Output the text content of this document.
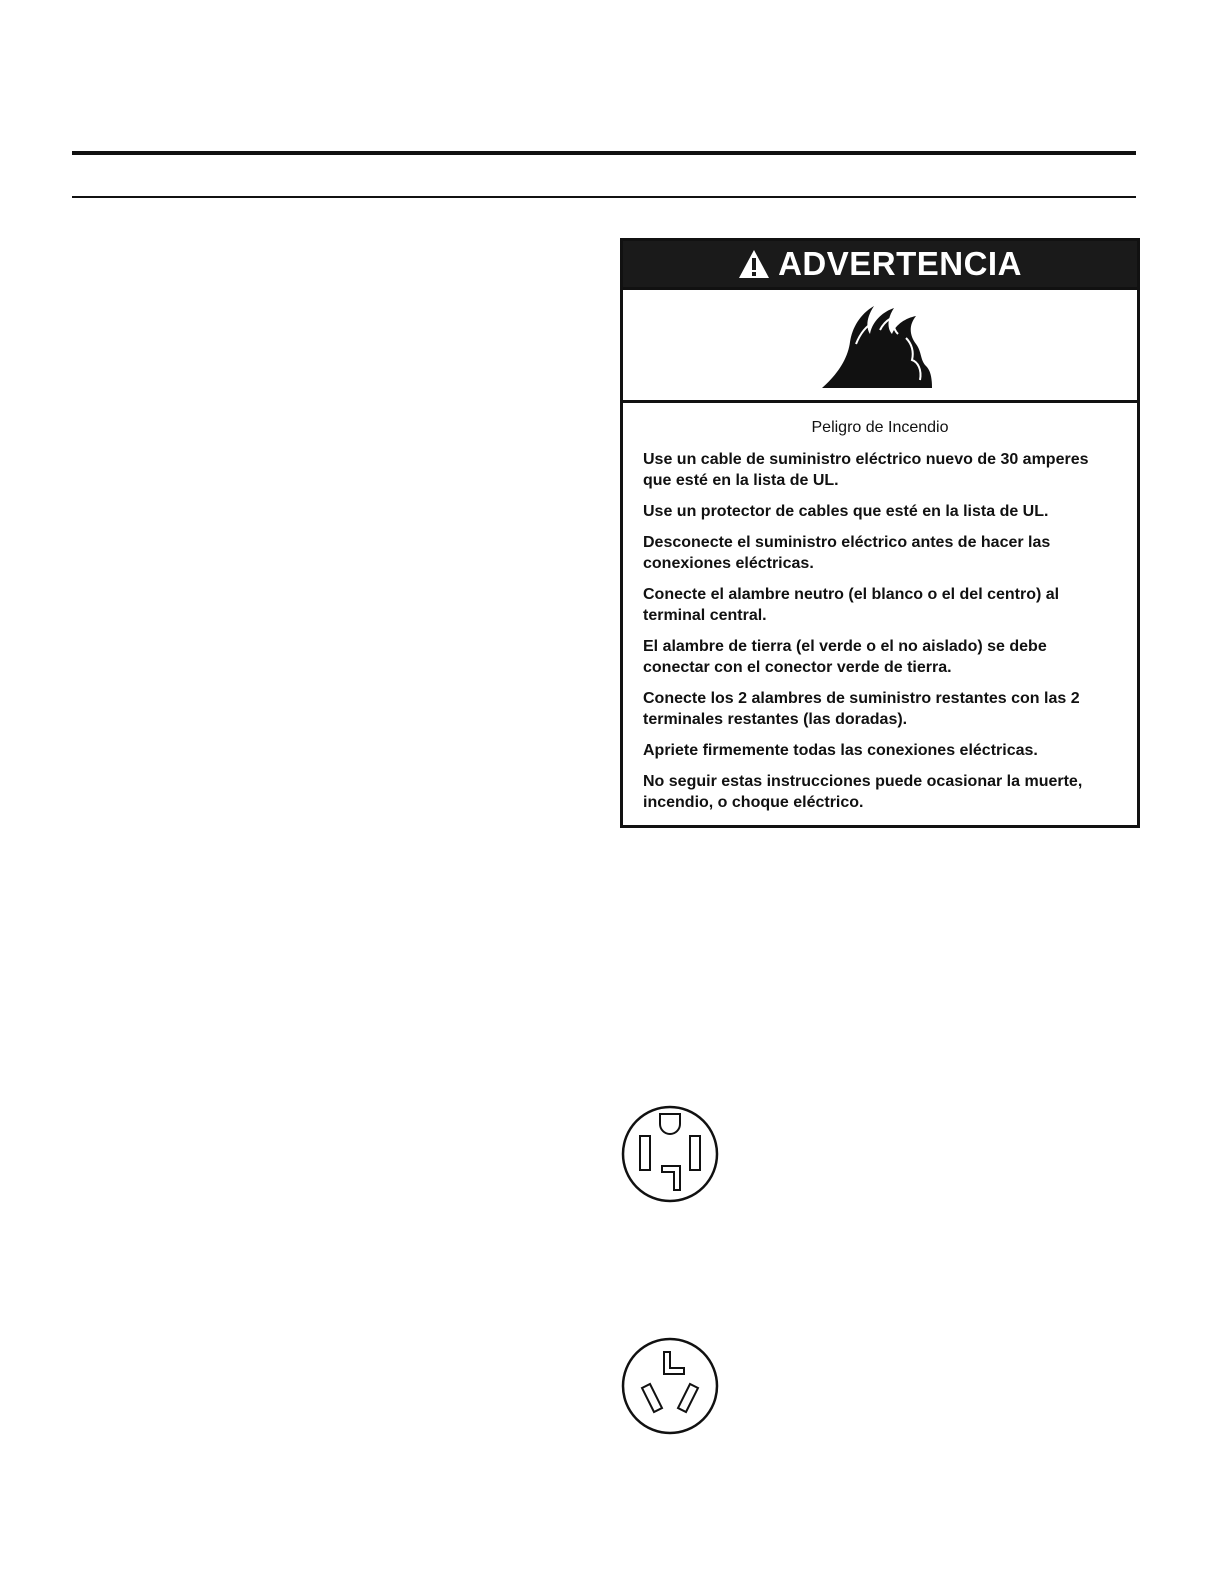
ADVERTENCIA

Peligro de Incendio

Use un cable de suministro eléctrico nuevo de 30 amperes que esté en la lista de UL.

Use un protector de cables que esté en la lista de UL.

Desconecte el suministro eléctrico antes de hacer las conexiones eléctricas.

Conecte el alambre neutro (el blanco o el del centro) al terminal central.

El alambre de tierra (el verde o el no aislado) se debe conectar con el conector verde de tierra.

Conecte los 2 alambres de suministro restantes con las 2 terminales restantes (las doradas).

Apriete firmemente todas las conexiones eléctricas.

No seguir estas instrucciones puede ocasionar la muerte, incendio, o choque eléctrico.
